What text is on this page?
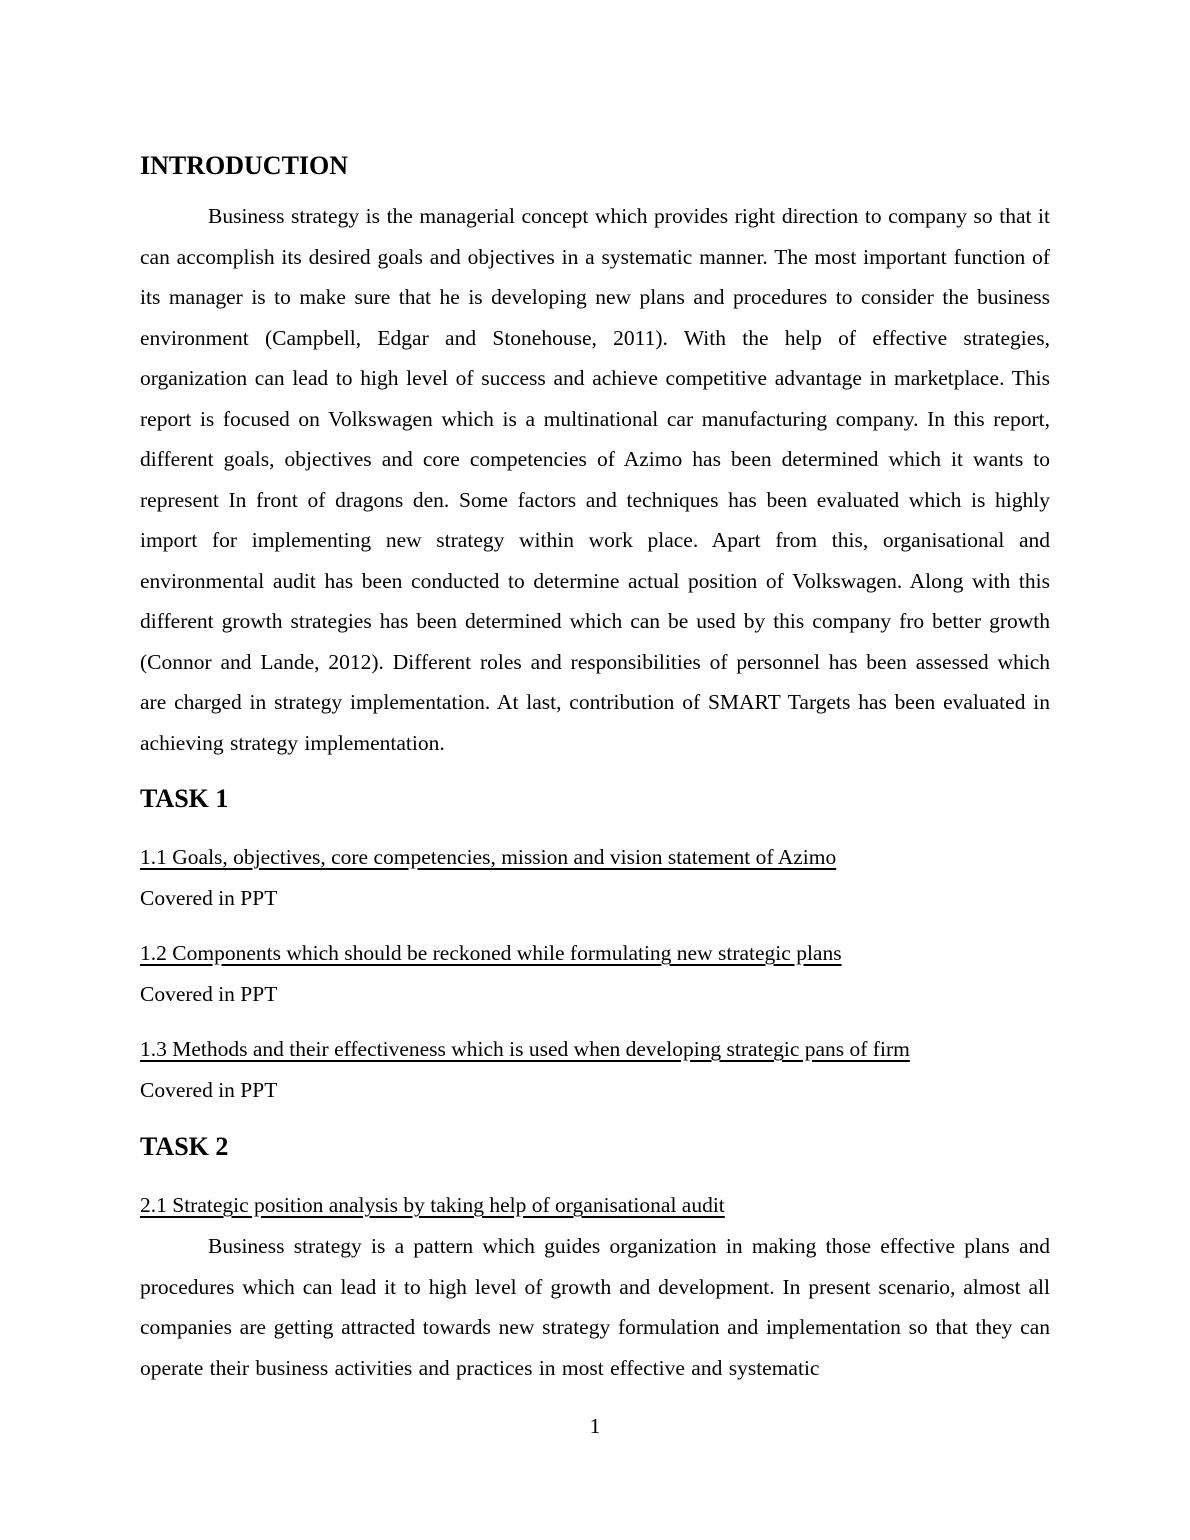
INTRODUCTION

Business strategy is the managerial concept which provides right direction to company so that it can accomplish its desired goals and objectives in a systematic manner. The most important function of its manager is to make sure that he is developing new plans and procedures to consider the business environment (Campbell, Edgar and Stonehouse, 2011). With the help of effective strategies, organization can lead to high level of success and achieve competitive advantage in marketplace. This report is focused on Volkswagen which is a multinational car manufacturing company. In this report, different goals, objectives and core competencies of Azimo has been determined which it wants to represent In front of dragons den. Some factors and techniques has been evaluated which is highly import for implementing new strategy within work place. Apart from this, organisational and environmental audit has been conducted to determine actual position of Volkswagen. Along with this different growth strategies has been determined which can be used by this company fro better growth (Connor and Lande, 2012). Different roles and responsibilities of personnel has been assessed which are charged in strategy implementation. At last, contribution of SMART Targets has been evaluated in achieving strategy implementation.

TASK 1
1.1 Goals, objectives, core competencies, mission and vision statement of Azimo

Covered in PPT

1.2 Components which should be reckoned while formulating new strategic plans

Covered in PPT

1.3 Methods and their effectiveness which is used when developing strategic pans of firm

Covered in PPT

TASK 2
2.1 Strategic position analysis by taking help of organisational audit

Business strategy is a pattern which guides organization in making those effective plans and procedures which can lead it to high level of growth and development. In present scenario, almost all companies are getting attracted towards new strategy formulation and implementation so that they can operate their business activities and practices in most effective and systematic

1
